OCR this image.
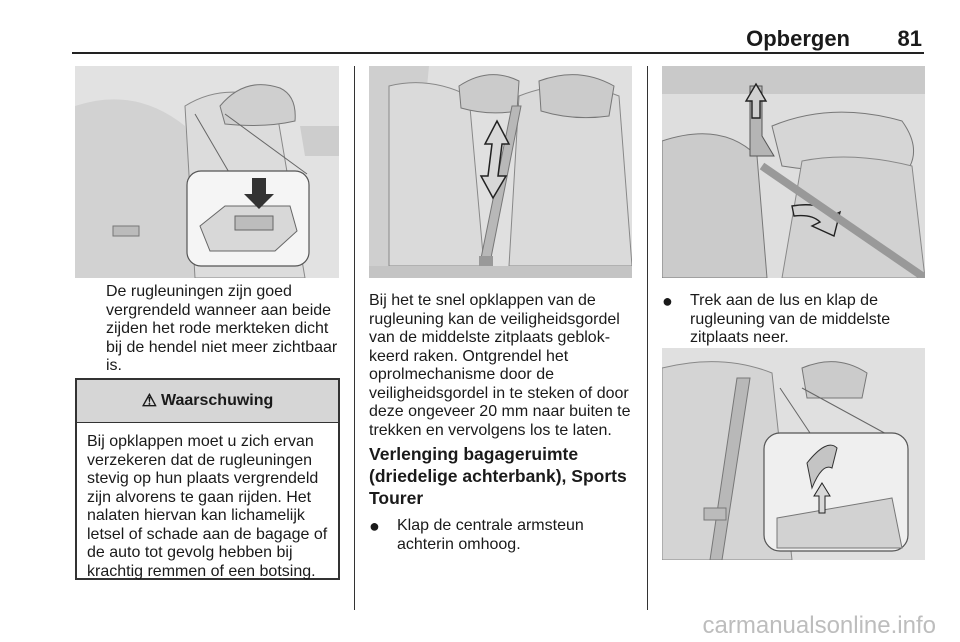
Opbergen 81
De rugleuningen zijn goed vergrendeld wanneer aan beide zijden het rode merkteken dicht bij de hendel niet meer zichtbaar is.
⚠ Waarschuwing
Bij opklappen moet u zich ervan verzekeren dat de rugleuningen stevig op hun plaats vergrendeld zijn alvorens te gaan rijden. Het nalaten hiervan kan lichamelijk letsel of schade aan de bagage of de auto tot gevolg hebben bij krachtig remmen of een botsing.
Bij het te snel opklappen van de rugleuning kan de veiligheidsgordel van de middelste zitplaats geblokkeerd raken. Ontgrendel het oprolmechanisme door de veiligheidsgordel in te steken of door deze ongeveer 20 mm naar buiten te trekken en vervolgens los te laten.
Verlenging bagageruimte (driedelige achterbank), Sports Tourer
●	Klap de centrale armsteun achterin omhoog.
●	Trek aan de lus en klap de rugleuning van de middelste zitplaats neer.
carmanualsonline.info
